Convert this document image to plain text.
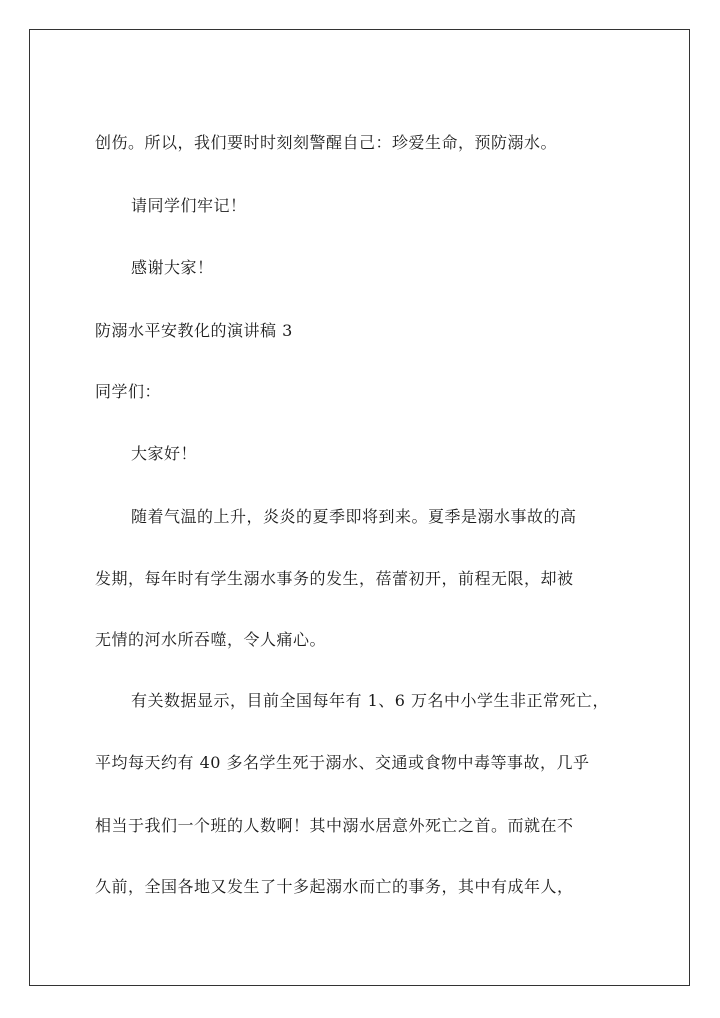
创伤。所以，我们要时时刻刻警醒自己：珍爱生命，预防溺水。
请同学们牢记！
感谢大家！
防溺水平安教化的演讲稿 3
同学们：
大家好！
随着气温的上升，炎炎的夏季即将到来。夏季是溺水事故的高
发期，每年时有学生溺水事务的发生，蓓蕾初开，前程无限，却被
无情的河水所吞噬，令人痛心。
有关数据显示，目前全国每年有 1、6 万名中小学生非正常死亡，
平均每天约有 40 多名学生死于溺水、交通或食物中毒等事故，几乎
相当于我们一个班的人数啊！其中溺水居意外死亡之首。而就在不
久前，全国各地又发生了十多起溺水而亡的事务，其中有成年人，
